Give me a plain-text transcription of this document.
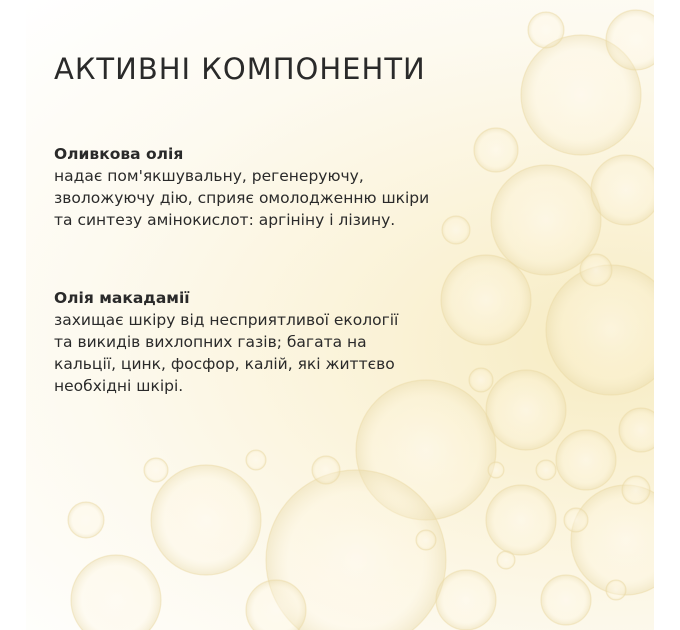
АКТИВНІ КОМПОНЕНТИ
Оливкова олія
надає пом'якшувальну, регенеруючу,
зволожуючу дію, сприяє омолодженню шкіри
та синтезу амінокислот: аргініну і лізину.
Олія макадамії
захищає шкіру від несприятливої екології
та викидів вихлопних газів; багата на
кальції, цинк, фосфор, калій, які життєво
необхідні шкірі.
